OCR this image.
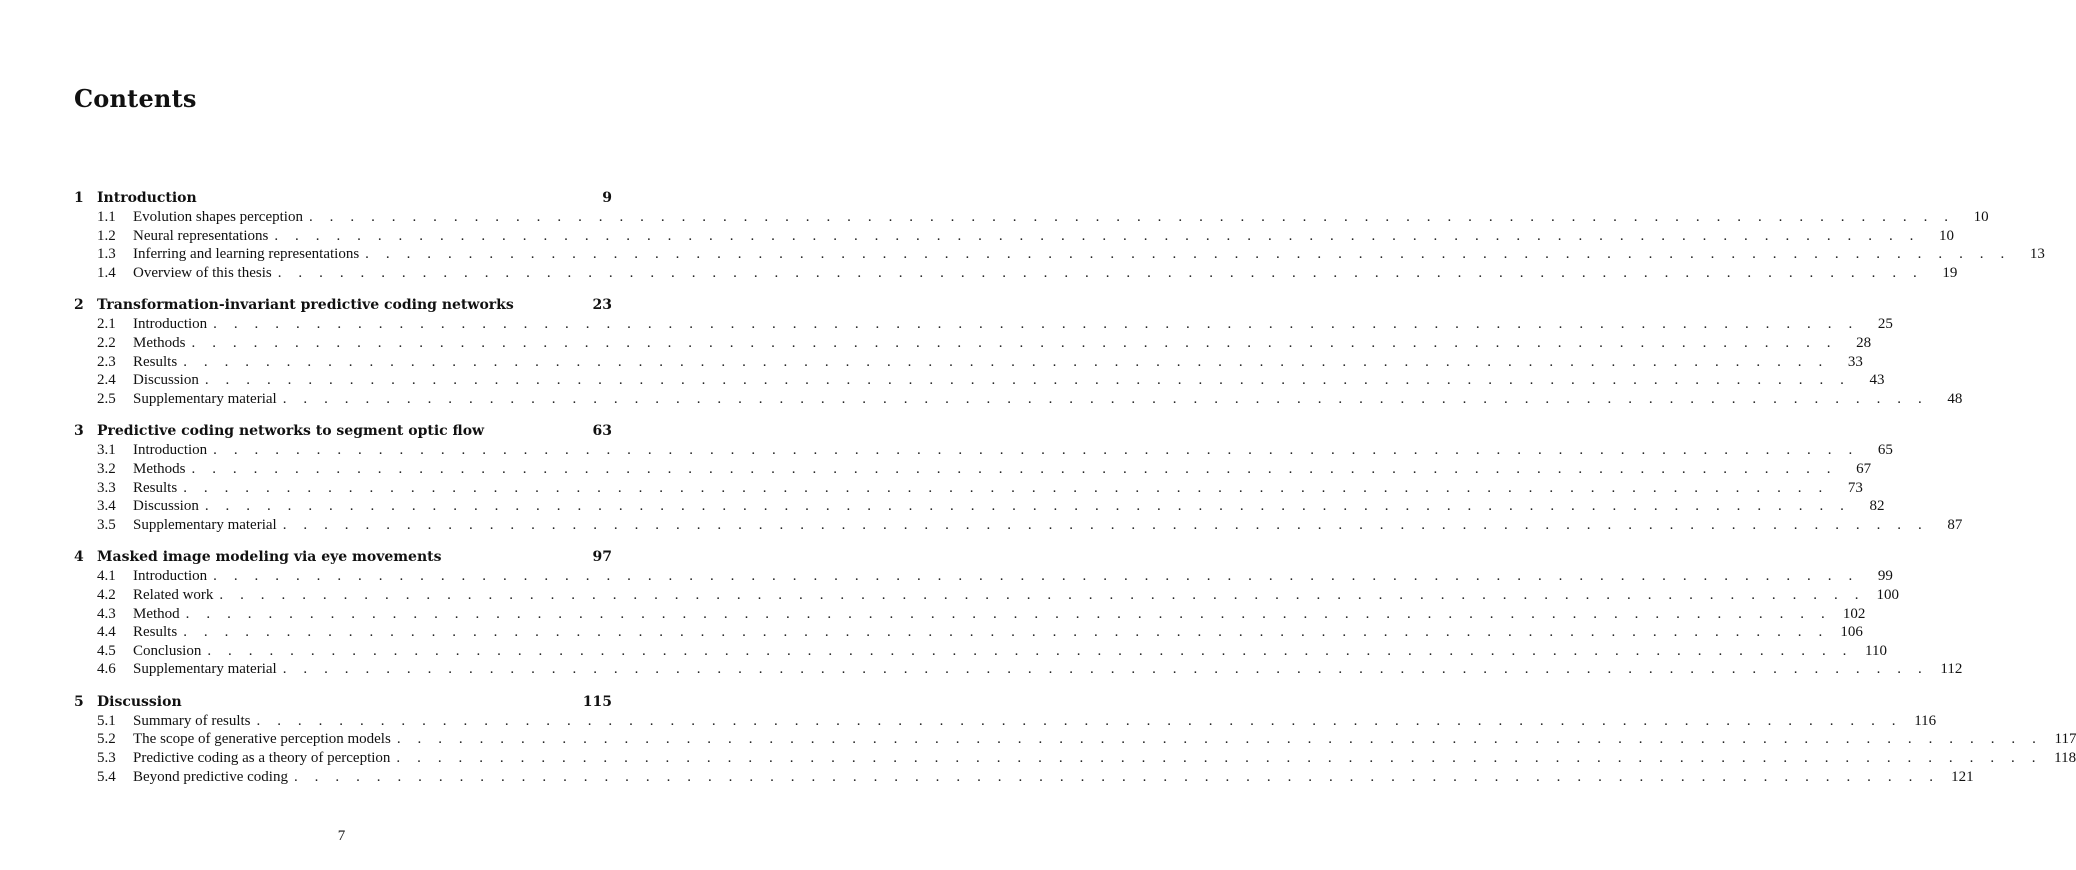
Contents
1 Introduction	9
1.1	Evolution shapes perception . . . . . . . . . . . . . . . . . . . . . . . . . . . . . . . . . . . . . . . . . . . . . . . . . . . . . . . . . . . . . . . . . . . . . . . . . . . . . . . .	10
1.2	Neural representations . . . . . . . . . . . . . . . . . . . . . . . . . . . . . . . . . . . . . . . . . . . . . . . . . . . . . . . . . . . . . . . . . . . . . . . . . . . . . . . .	10
1.3	Inferring and learning representations . . . . . . . . . . . . . . . . . . . . . . . . . . . . . . . . . . . . . . . . . . . . . . . . . . . . . . . . . . . . . . . . . . . . . . . . . . . . . . . .	13
1.4	Overview of this thesis . . . . . . . . . . . . . . . . . . . . . . . . . . . . . . . . . . . . . . . . . . . . . . . . . . . . . . . . . . . . . . . . . . . . . . . . . . . . . . . .	19
2 Transformation-invariant predictive coding networks	23
2.1	Introduction . . . . . . . . . . . . . . . . . . . . . . . . . . . . . . . . . . . . . . . . . . . . . . . . . . . . . . . . . . . . . . . . . . . . . . . . . . . . . . . .	25
2.2	Methods . . . . . . . . . . . . . . . . . . . . . . . . . . . . . . . . . . . . . . . . . . . . . . . . . . . . . . . . . . . . . . . . . . . . . . . . . . . . . . . .	28
2.3	Results . . . . . . . . . . . . . . . . . . . . . . . . . . . . . . . . . . . . . . . . . . . . . . . . . . . . . . . . . . . . . . . . . . . . . . . . . . . . . . . .	33
2.4	Discussion . . . . . . . . . . . . . . . . . . . . . . . . . . . . . . . . . . . . . . . . . . . . . . . . . . . . . . . . . . . . . . . . . . . . . . . . . . . . . . . .	43
2.5	Supplementary material . . . . . . . . . . . . . . . . . . . . . . . . . . . . . . . . . . . . . . . . . . . . . . . . . . . . . . . . . . . . . . . . . . . . . . . . . . . . . . . .	48
3 Predictive coding networks to segment optic flow	63
3.1	Introduction . . . . . . . . . . . . . . . . . . . . . . . . . . . . . . . . . . . . . . . . . . . . . . . . . . . . . . . . . . . . . . . . . . . . . . . . . . . . . . . .	65
3.2	Methods . . . . . . . . . . . . . . . . . . . . . . . . . . . . . . . . . . . . . . . . . . . . . . . . . . . . . . . . . . . . . . . . . . . . . . . . . . . . . . . .	67
3.3	Results . . . . . . . . . . . . . . . . . . . . . . . . . . . . . . . . . . . . . . . . . . . . . . . . . . . . . . . . . . . . . . . . . . . . . . . . . . . . . . . .	73
3.4	Discussion . . . . . . . . . . . . . . . . . . . . . . . . . . . . . . . . . . . . . . . . . . . . . . . . . . . . . . . . . . . . . . . . . . . . . . . . . . . . . . . .	82
3.5	Supplementary material . . . . . . . . . . . . . . . . . . . . . . . . . . . . . . . . . . . . . . . . . . . . . . . . . . . . . . . . . . . . . . . . . . . . . . . . . . . . . . . .	87
4 Masked image modeling via eye movements	97
4.1	Introduction . . . . . . . . . . . . . . . . . . . . . . . . . . . . . . . . . . . . . . . . . . . . . . . . . . . . . . . . . . . . . . . . . . . . . . . . . . . . . . . .	99
4.2	Related work . . . . . . . . . . . . . . . . . . . . . . . . . . . . . . . . . . . . . . . . . . . . . . . . . . . . . . . . . . . . . . . . . . . . . . . . . . . . . . . . 100
4.3	Method . . . . . . . . . . . . . . . . . . . . . . . . . . . . . . . . . . . . . . . . . . . . . . . . . . . . . . . . . . . . . . . . . . . . . . . . . . . . . . . . 102
4.4	Results . . . . . . . . . . . . . . . . . . . . . . . . . . . . . . . . . . . . . . . . . . . . . . . . . . . . . . . . . . . . . . . . . . . . . . . . . . . . . . . . 106
4.5	Conclusion . . . . . . . . . . . . . . . . . . . . . . . . . . . . . . . . . . . . . . . . . . . . . . . . . . . . . . . . . . . . . . . . . . . . . . . . . . . . . . . . 110
4.6	Supplementary material . . . . . . . . . . . . . . . . . . . . . . . . . . . . . . . . . . . . . . . . . . . . . . . . . . . . . . . . . . . . . . . . . . . . . . . . . . . . . . . . 112
5 Discussion	115
5.1	Summary of results . . . . . . . . . . . . . . . . . . . . . . . . . . . . . . . . . . . . . . . . . . . . . . . . . . . . . . . . . . . . . . . . . . . . . . . . . . . . . . . . 116
5.2	The scope of generative perception models . . . . . . . . . . . . . . . . . . . . . . . . . . . . . . . . . . . . . . . . . . . . . . . . . . . . . . . . . . . . . . . . . . . . . . . . . . . . . . . . 117
5.3	Predictive coding as a theory of perception . . . . . . . . . . . . . . . . . . . . . . . . . . . . . . . . . . . . . . . . . . . . . . . . . . . . . . . . . . . . . . . . . . . . . . . . . . . . . . . . 118
5.4	Beyond predictive coding . . . . . . . . . . . . . . . . . . . . . . . . . . . . . . . . . . . . . . . . . . . . . . . . . . . . . . . . . . . . . . . . . . . . . . . . . . . . . . . . 121
7
